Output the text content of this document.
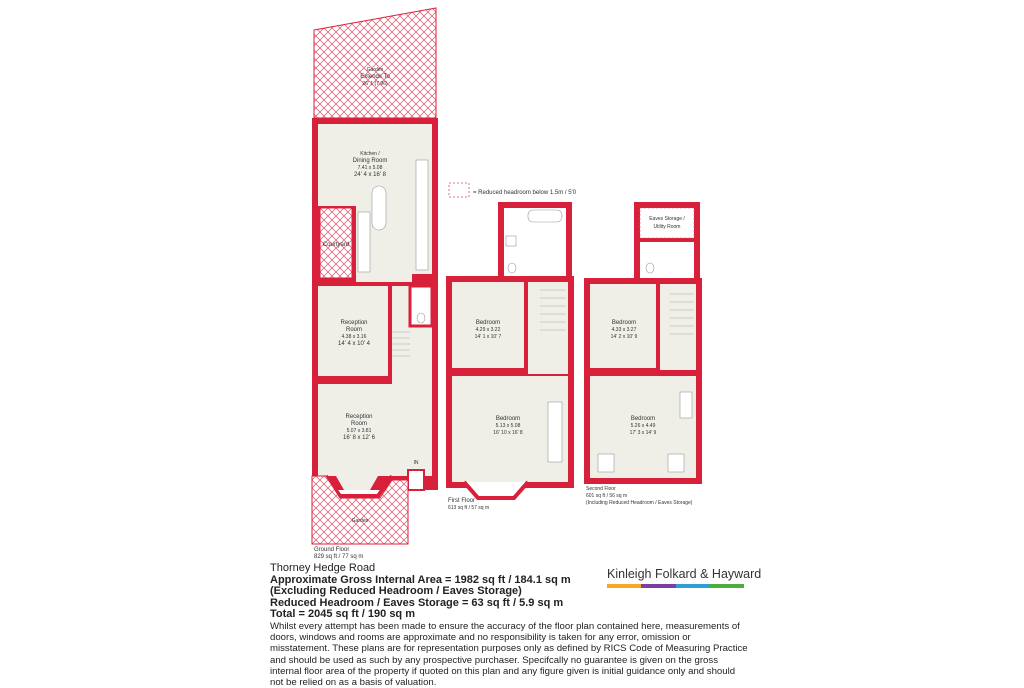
= Reduced headroom below 1.5m / 5'0
Garden
Extends To
26' 1 (7.96)
Kitchen /
Dining Room
7.41 x 5.08
24' 4 x 16' 8
Courtyard
Reception
Room
4.38 x 3.16
14' 4 x 10' 4
Reception
Room
5.07 x 3.81
16' 8 x 12' 6
IN
Garden
Ground Floor
829 sq ft / 77 sq m
Bedroom
4.29 x 3.22
14' 1 x 10' 7
Bedroom
5.13 x 5.08
16' 10 x 16' 8
First Floor
613 sq ft / 57 sq m
Eaves Storage /
Utility Room
Bedroom
4.33 x 3.27
14' 2 x 10' 9
Bedroom
5.26 x 4.49
17' 3 x 14' 9
Second Floor
601 sq ft / 56 sq m
(Including Reduced Headroom / Eaves Storage)
Thorney Hedge Road
Approximate Gross Internal Area = 1982 sq ft / 184.1 sq m
(Excluding Reduced Headroom / Eaves Storage)
Reduced Headroom / Eaves Storage = 63 sq ft / 5.9 sq m
Total = 2045 sq ft / 190 sq m
Whilst every attempt has been made to ensure the accuracy of the floor plan contained here, measurements of doors, windows and rooms are approximate and no responsibility is taken for any error, omission or misstatement. These plans are for representation purposes only as defined by RICS Code of Measuring Practice and should be used as such by any prospective purchaser. Specifcally no guarantee is given on the gross internal floor area of the property if quoted on this plan and any figure given is initial guidance only and should not be relied on as a basis of valuation.
Kinleigh Folkard & Hayward
